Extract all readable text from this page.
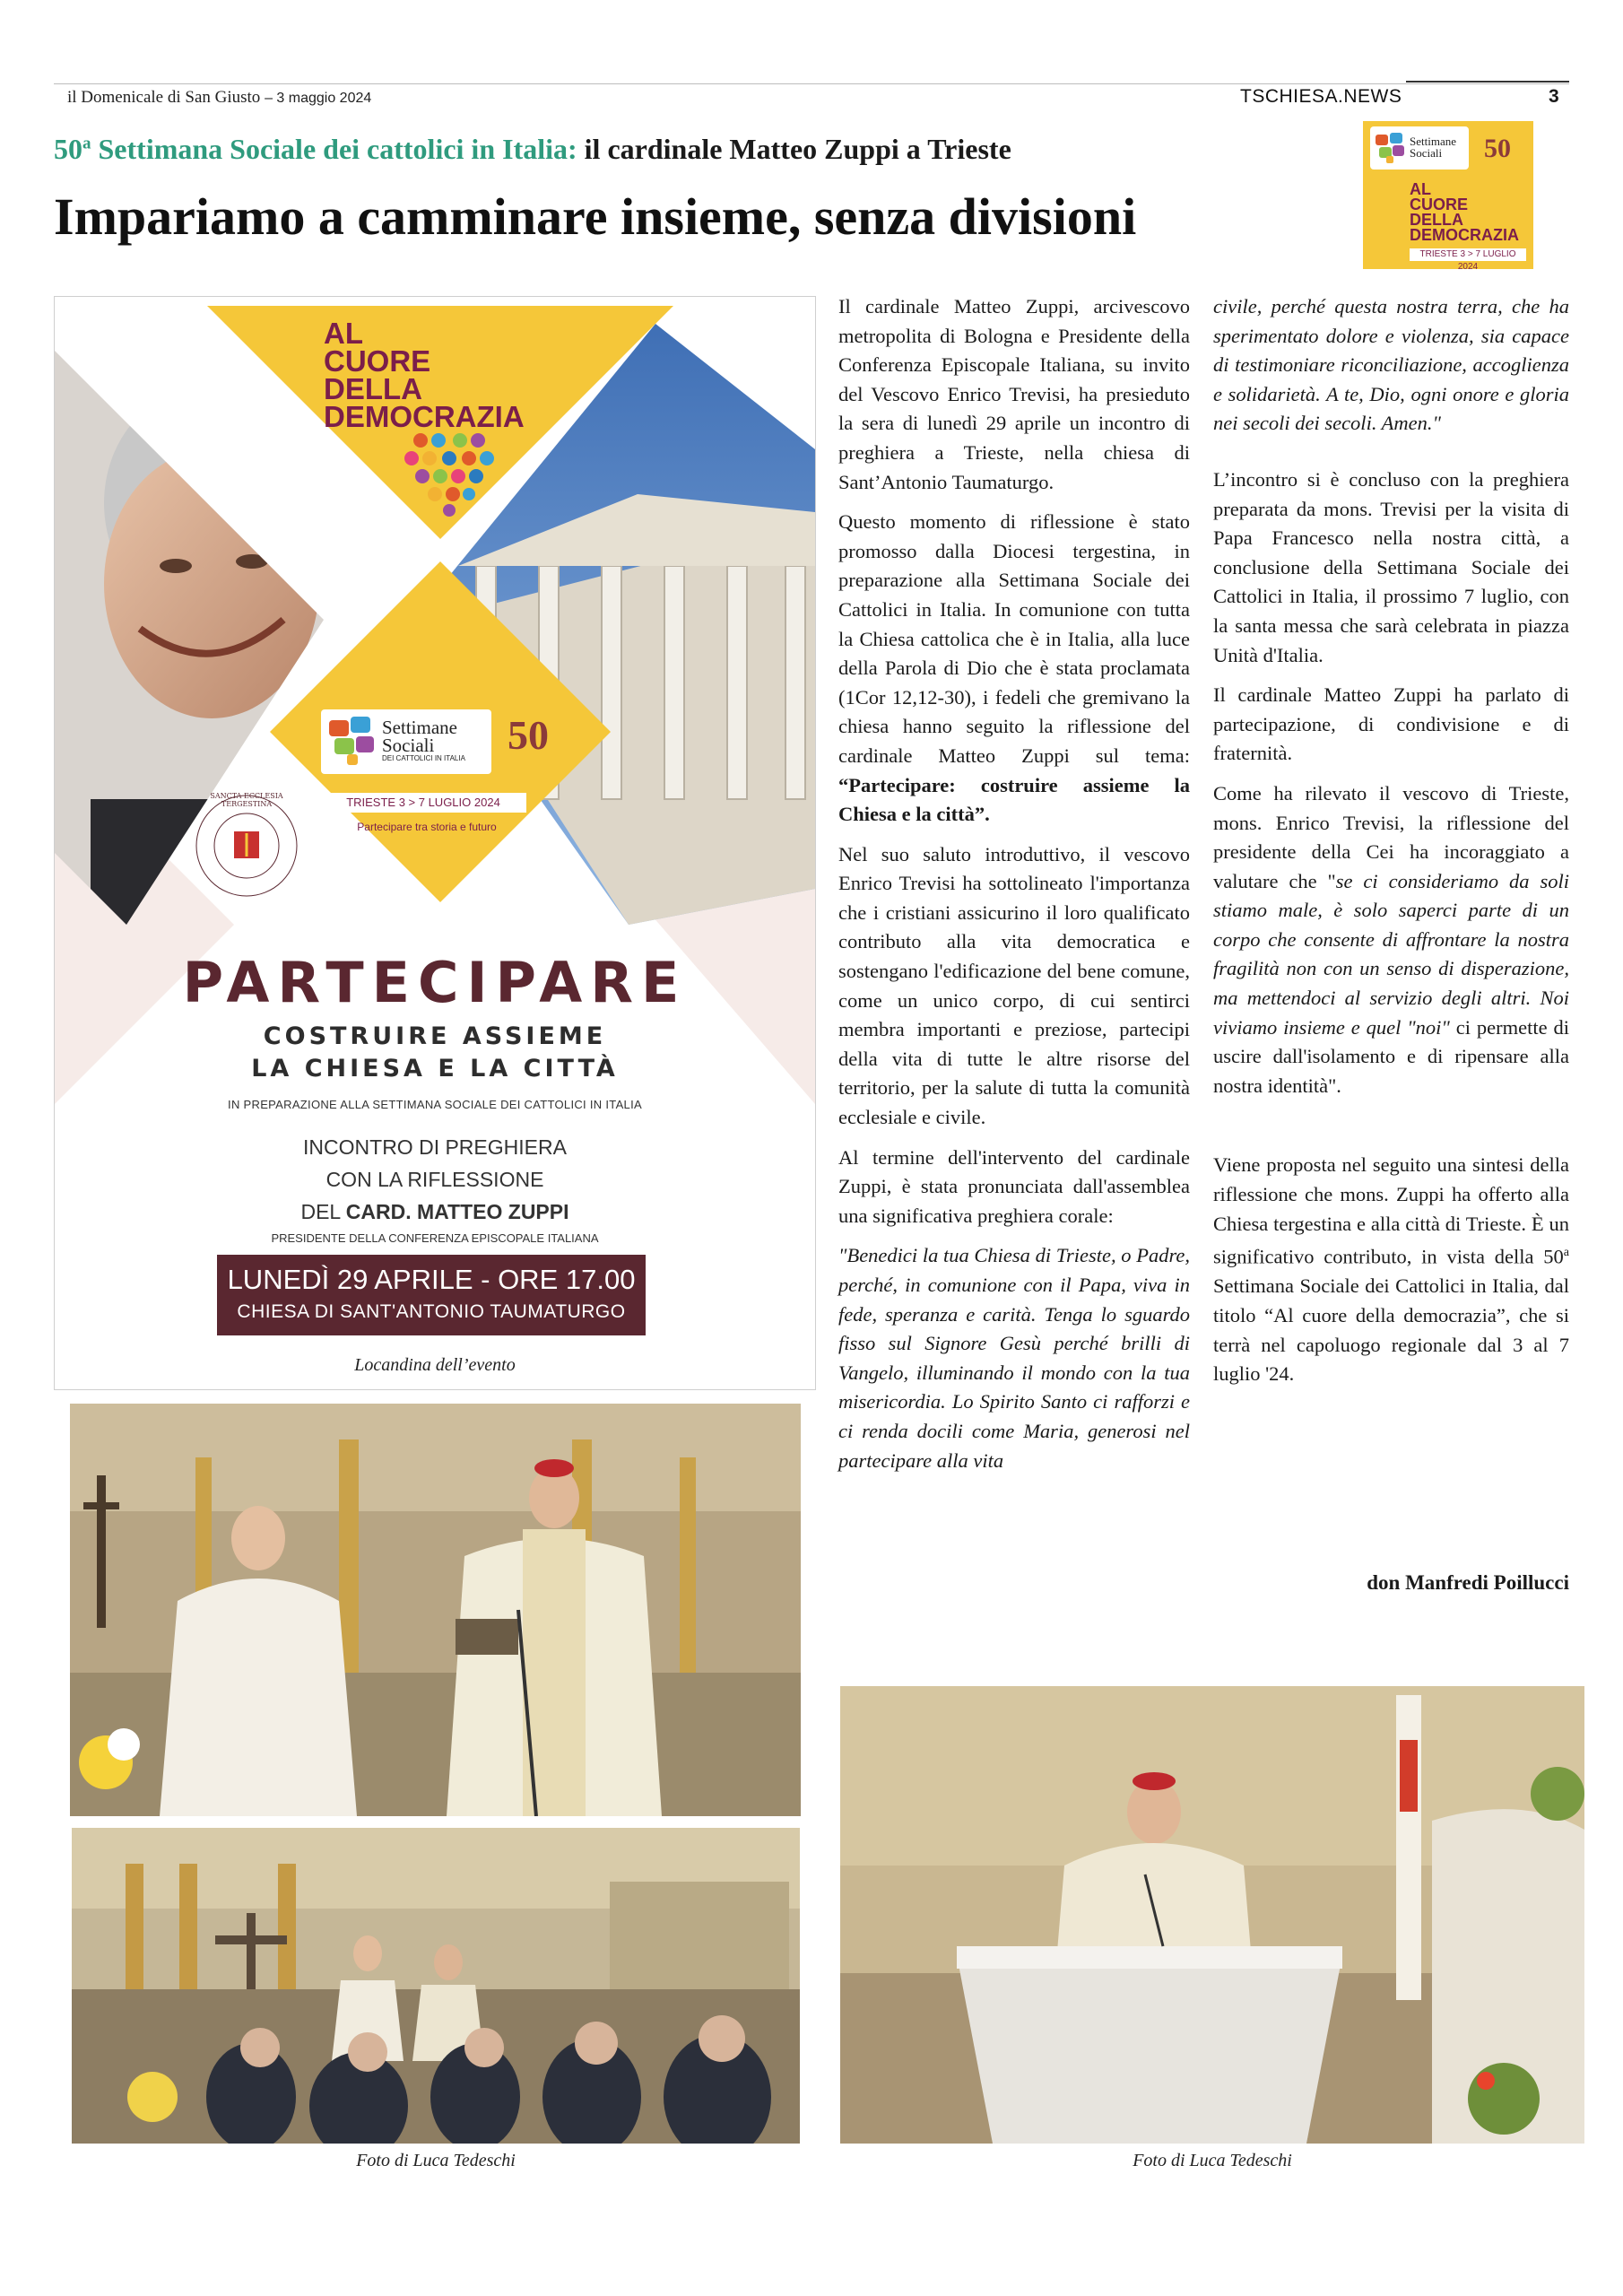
il Domenicale di San Giusto – 3 maggio 2024	TSCHIESA.NEWS	3
50$^a$ Settimana Sociale dei cattolici in Italia: il cardinale Matteo Zuppi a Trieste
Impariamo a camminare insieme, senza divisioni
Settimane
Sociali	50
AL
CUORE
DELLA
DEMOCRAZIA
TRIESTE 3 > 7 LUGLIO 2024
AL
CUORE
DELLA
DEMOCRAZIA
Settimane
Sociali
DEI CATTOLICI IN ITALIA
50
TRIESTE 3 > 7 LUGLIO 2024
Partecipare tra storia e futuro
SANCTA ECCLESIA TERGESTINA
PARTECIPARE
COSTRUIRE ASSIEME
LA CHIESA E LA CITTÀ
IN PREPARAZIONE ALLA SETTIMANA SOCIALE DEI CATTOLICI IN ITALIA
INCONTRO DI PREGHIERA
CON LA RIFLESSIONE
DEL CARD. MATTEO ZUPPI
PRESIDENTE DELLA CONFERENZA EPISCOPALE ITALIANA
LUNEDÌ 29 APRILE - ORE 17.00
CHIESA DI SANT'ANTONIO TAUMATURGO
Locandina dell’evento

Il cardinale Matteo Zuppi, arcivescovo metropolita di Bologna e Presidente della Conferenza Episcopale Italiana, su invito del Vescovo Enrico Trevisi, ha presieduto la sera di lunedì 29 aprile un incontro di preghiera a Trieste, nella chiesa di Sant’Antonio Taumaturgo.

Questo momento di riflessione è stato promosso dalla Diocesi tergestina, in preparazione alla Settimana Sociale dei Cattolici in Italia. In comunione con tutta la Chiesa cattolica che è in Italia, alla luce della Parola di Dio che è stata proclamata (1Cor 12,12-30), i fedeli che gremivano la chiesa hanno seguito la riflessione del cardinale Matteo Zuppi sul tema: “Partecipare: costruire assieme la Chiesa e la città”.

Nel suo saluto introduttivo, il vescovo Enrico Trevisi ha sottolineato l'importanza che i cristiani assicurino il loro qualificato contributo alla vita democratica e sostengano l'edificazione del bene comune, come un unico corpo, di cui sentirci membra importanti e preziose, partecipi della vita di tutte le altre risorse del territorio, per la salute di tutta la comunità ecclesiale e civile.

Al termine dell'intervento del cardinale Zuppi, è stata pronunciata dall'assemblea una significativa preghiera corale:

"Benedici la tua Chiesa di Trieste, o Padre, perché, in comunione con il Papa, viva in fede, speranza e carità. Tenga lo sguardo fisso sul Signore Gesù perché brilli di Vangelo, illuminando il mondo con la tua misericordia. Lo Spirito Santo ci rafforzi e ci renda docili come Maria, generosi nel partecipare alla vita

civile, perché questa nostra terra, che ha sperimentato dolore e violenza, sia capace di testimoniare riconciliazione, accoglienza e solidarietà. A te, Dio, ogni onore e gloria nei secoli dei secoli. Amen."

L’incontro si è concluso con la preghiera preparata da mons. Trevisi per la visita di Papa Francesco nella nostra città, a conclusione della Settimana Sociale dei Cattolici in Italia, il prossimo 7 luglio, con la santa messa che sarà celebrata in piazza Unità d'Italia.

Il cardinale Matteo Zuppi ha parlato di partecipazione, di condivisione e di fraternità.

Come ha rilevato il vescovo di Trieste, mons. Enrico Trevisi, la riflessione del presidente della Cei ha incoraggiato a valutare che "se ci consideriamo da soli stiamo male, è solo saperci parte di un corpo che consente di affrontare la nostra fragilità non con un senso di disperazione, ma mettendoci al servizio degli altri. Noi viviamo insieme e quel "noi" ci permette di uscire dall'isolamento e di ripensare alla nostra identità".

Viene proposta nel seguito una sintesi della riflessione che mons. Zuppi ha offerto alla Chiesa tergestina e alla città di Trieste. È un significativo contributo, in vista della 50$^a$ Settimana Sociale dei Cattolici in Italia, dal titolo “Al cuore della democrazia”, che si terrà nel capoluogo regionale dal 3 al 7 luglio '24.

don Manfredi Poillucci
Foto di Luca Tedeschi	Foto di Luca Tedeschi
